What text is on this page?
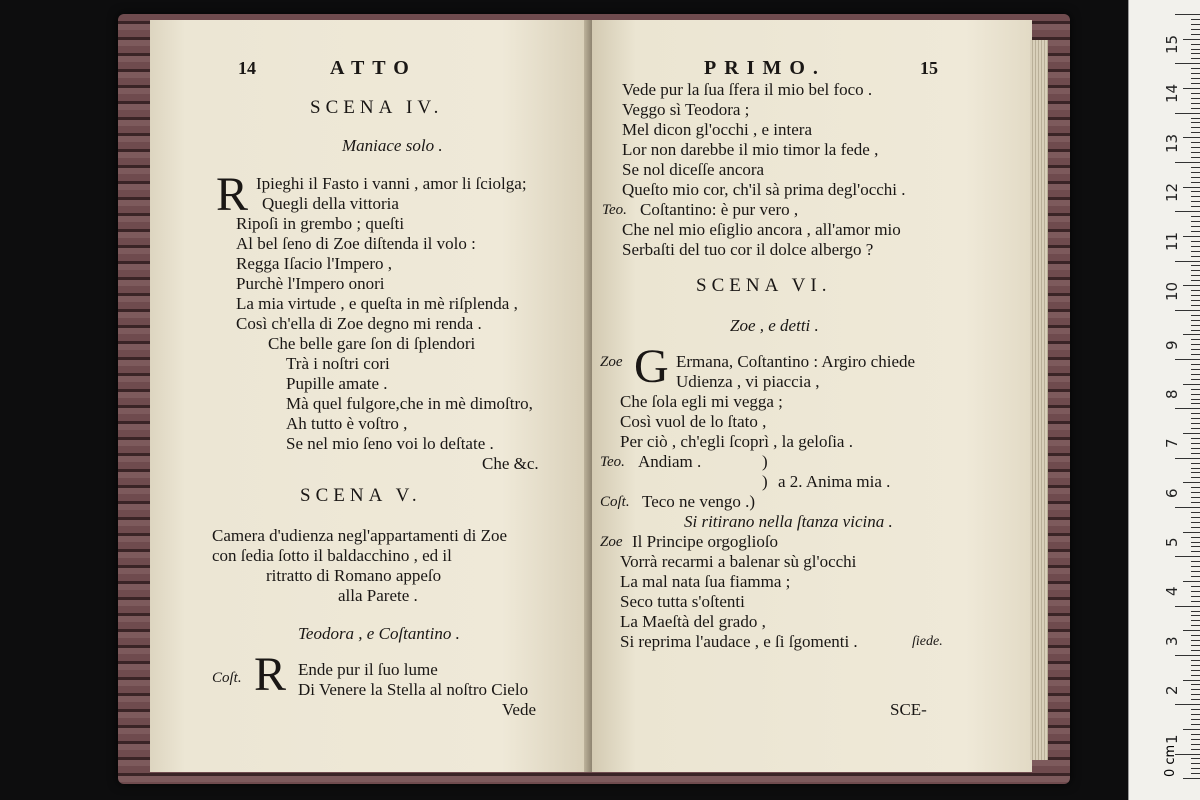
14	ATTO
SCENA IV.
Maniace solo .
R Ipieghi il Fasto i vanni , amor li ſciolga;
Quegli della vittoria
Ripoſi in grembo ; queſti
Al bel ſeno di Zoe diſtenda il volo :
Regga Iſacio l'Impero ,
Purchè l'Impero onori
La mia virtude , e queſta in mè riſplenda ,
Così ch'ella di Zoe degno mi renda .
Che belle gare ſon di ſplendori
Trà i noſtri cori
Pupille amate .
Mà quel fulgore,che in mè dimoſtro,
Ah tutto è voſtro ,
Se nel mio ſeno voi lo deſtate .
Che &c.
SCENA V.
Camera d'udienza negl'appartamenti di Zoe
con ſedia ſotto il baldacchino , ed il
ritratto di Romano appeſo
alla Parete .
Teodora , e Coſtantino .
Coſt. R Ende pur il ſuo lume
Di Venere la Stella al noſtro Cielo
Vede
PRIMO.	15
Vede pur la ſua ſfera il mio bel foco .
Veggo sì Teodora ;
Mel dicon gl'occhi , e intera
Lor non darebbe il mio timor la fede ,
Se nol diceſſe ancora
Queſto mio cor, ch'il sà prima degl'occhi .
Teo. Coſtantino: è pur vero ,
Che nel mio eſiglio ancora , all'amor mio
Serbaſti del tuo cor il dolce albergo ?
SCENA VI.
Zoe , e detti .
Zoe G Ermana, Coſtantino : Argiro chiede
Udienza , vi piaccia ,
Che ſola egli mi vegga ;
Così vuol de lo ſtato ,
Per ciò , ch'egli ſcoprì , la geloſia .
Teo. Andiam .	)
) a 2. Anima mia .
Coſt. Teco ne vengo .)
Si ritirano nella ſtanza vicina .
Zoe Il Principe orgoglioſo
Vorrà recarmi a balenar sù gl'occhi
La mal nata ſua fiamma ;
Seco tutta s'oſtenti
La Maeſtà del grado ,
Si reprima l'audace , e ſi ſgomenti .	ſiede.
SCE-
15
14
13
12
11
10
9
8
7
6
5
4
3
2
1
0 cm
